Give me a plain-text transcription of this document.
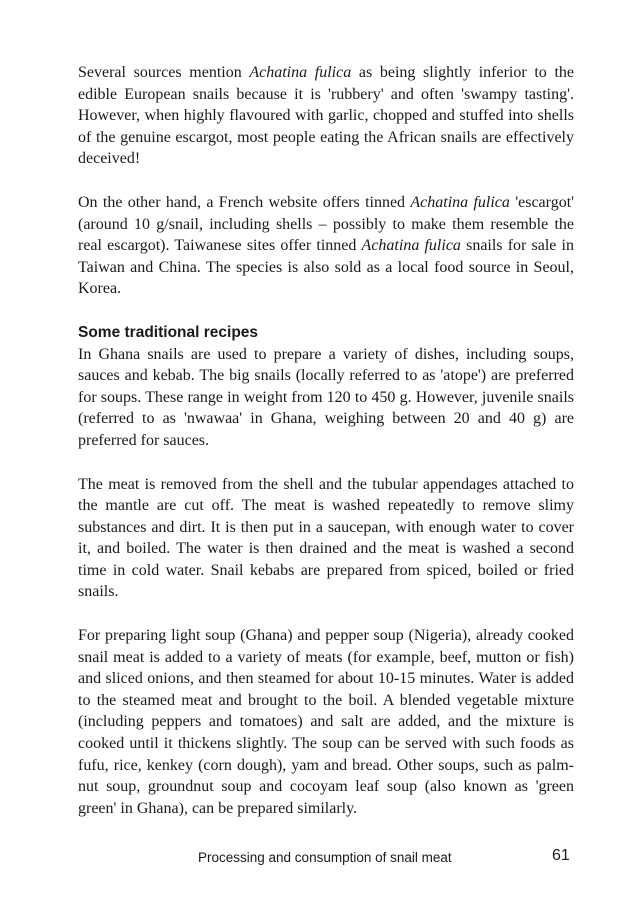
Several sources mention Achatina fulica as being slightly inferior to the edible European snails because it is 'rubbery' and often 'swampy tasting'. However, when highly flavoured with garlic, chopped and stuffed into shells of the genuine escargot, most people eating the African snails are effectively deceived!

On the other hand, a French website offers tinned Achatina fulica 'escargot' (around 10 g/snail, including shells – possibly to make them resemble the real escargot). Taiwanese sites offer tinned Achatina fulica snails for sale in Taiwan and China. The species is also sold as a local food source in Seoul, Korea.

Some traditional recipes

In Ghana snails are used to prepare a variety of dishes, including soups, sauces and kebab. The big snails (locally referred to as 'atope') are preferred for soups. These range in weight from 120 to 450 g. However, juvenile snails (referred to as 'nwawaa' in Ghana, weighing between 20 and 40 g) are preferred for sauces.

The meat is removed from the shell and the tubular appendages attached to the mantle are cut off. The meat is washed repeatedly to remove slimy substances and dirt. It is then put in a saucepan, with enough water to cover it, and boiled. The water is then drained and the meat is washed a second time in cold water. Snail kebabs are prepared from spiced, boiled or fried snails.

For preparing light soup (Ghana) and pepper soup (Nigeria), already cooked snail meat is added to a variety of meats (for example, beef, mutton or fish) and sliced onions, and then steamed for about 10-15 minutes. Water is added to the steamed meat and brought to the boil. A blended vegetable mixture (including peppers and tomatoes) and salt are added, and the mixture is cooked until it thickens slightly. The soup can be served with such foods as fufu, rice, kenkey (corn dough), yam and bread. Other soups, such as palm-nut soup, groundnut soup and cocoyam leaf soup (also known as 'green green' in Ghana), can be prepared similarly.

Processing and consumption of snail meat	61
